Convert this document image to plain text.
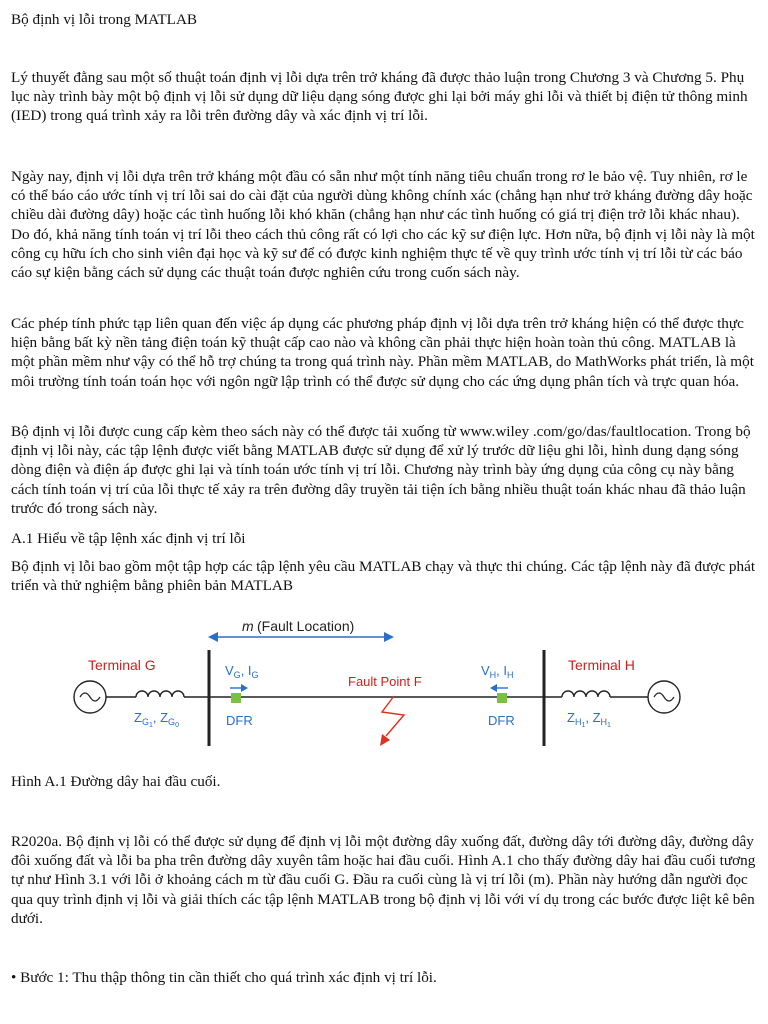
Bộ định vị lỗi trong MATLAB

Lý thuyết đằng sau một số thuật toán định vị lỗi dựa trên trở kháng đã được thảo luận trong Chương 3 và Chương 5. Phụ lục này trình bày một bộ định vị lỗi sử dụng dữ liệu dạng sóng được ghi lại bởi máy ghi lỗi và thiết bị điện tử thông minh (IED) trong quá trình xảy ra lỗi trên đường dây và xác định vị trí lỗi.

Ngày nay, định vị lỗi dựa trên trở kháng một đầu có sẵn như một tính năng tiêu chuẩn trong rơ le bảo vệ. Tuy nhiên, rơ le có thể báo cáo ước tính vị trí lỗi sai do cài đặt của người dùng không chính xác (chẳng hạn như trở kháng đường dây hoặc chiều dài đường dây) hoặc các tình huống lỗi khó khăn (chẳng hạn như các tình huống có giá trị điện trở lỗi khác nhau). Do đó, khả năng tính toán vị trí lỗi theo cách thủ công rất có lợi cho các kỹ sư điện lực. Hơn nữa, bộ định vị lỗi này là một công cụ hữu ích cho sinh viên đại học và kỹ sư để có được kinh nghiệm thực tế về quy trình ước tính vị trí lỗi từ các báo cáo sự kiện bằng cách sử dụng các thuật toán được nghiên cứu trong cuốn sách này.

Các phép tính phức tạp liên quan đến việc áp dụng các phương pháp định vị lỗi dựa trên trở kháng hiện có thể được thực hiện bằng bất kỳ nền tảng điện toán kỹ thuật cấp cao nào và không cần phải thực hiện hoàn toàn thủ công. MATLAB là một phần mềm như vậy có thể hỗ trợ chúng ta trong quá trình này. Phần mềm MATLAB, do MathWorks phát triển, là một môi trường tính toán toán học với ngôn ngữ lập trình có thể được sử dụng cho các ứng dụng phân tích và trực quan hóa.

Bộ định vị lỗi được cung cấp kèm theo sách này có thể được tải xuống từ www.wiley .com/go/das/faultlocation. Trong bộ định vị lỗi này, các tập lệnh được viết bằng MATLAB được sử dụng để xử lý trước dữ liệu ghi lỗi, hình dung dạng sóng dòng điện và điện áp được ghi lại và tính toán ước tính vị trí lỗi. Chương này trình bày ứng dụng của công cụ này bằng cách tính toán vị trí của lỗi thực tế xảy ra trên đường dây truyền tải tiện ích bằng nhiều thuật toán khác nhau đã thảo luận trước đó trong sách này.

A.1 Hiểu về tập lệnh xác định vị trí lỗi

Bộ định vị lỗi bao gồm một tập hợp các tập lệnh yêu cầu MATLAB chạy và thực thi chúng. Các tập lệnh này đã được phát triển và thử nghiệm bằng phiên bản MATLAB

m (Fault Location)
Terminal G
$Z_G1$, $Z_G0$
$V_G$, $I_G$
DFR
Fault Point F
$V_H$, $I_H$
DFR
Terminal H
$Z_H1$, $Z_H1$

Hình A.1 Đường dây hai đầu cuối.

R2020a. Bộ định vị lỗi có thể được sử dụng để định vị lỗi một đường dây xuống đất, đường dây tới đường dây, đường dây đôi xuống đất và lỗi ba pha trên đường dây xuyên tâm hoặc hai đầu cuối. Hình A.1 cho thấy đường dây hai đầu cuối tương tự như Hình 3.1 với lỗi ở khoảng cách m từ đầu cuối G. Đầu ra cuối cùng là vị trí lỗi (m). Phần này hướng dẫn người đọc qua quy trình định vị lỗi và giải thích các tập lệnh MATLAB trong bộ định vị lỗi với ví dụ trong các bước được liệt kê bên dưới.

• Bước 1: Thu thập thông tin cần thiết cho quá trình xác định vị trí lỗi.
